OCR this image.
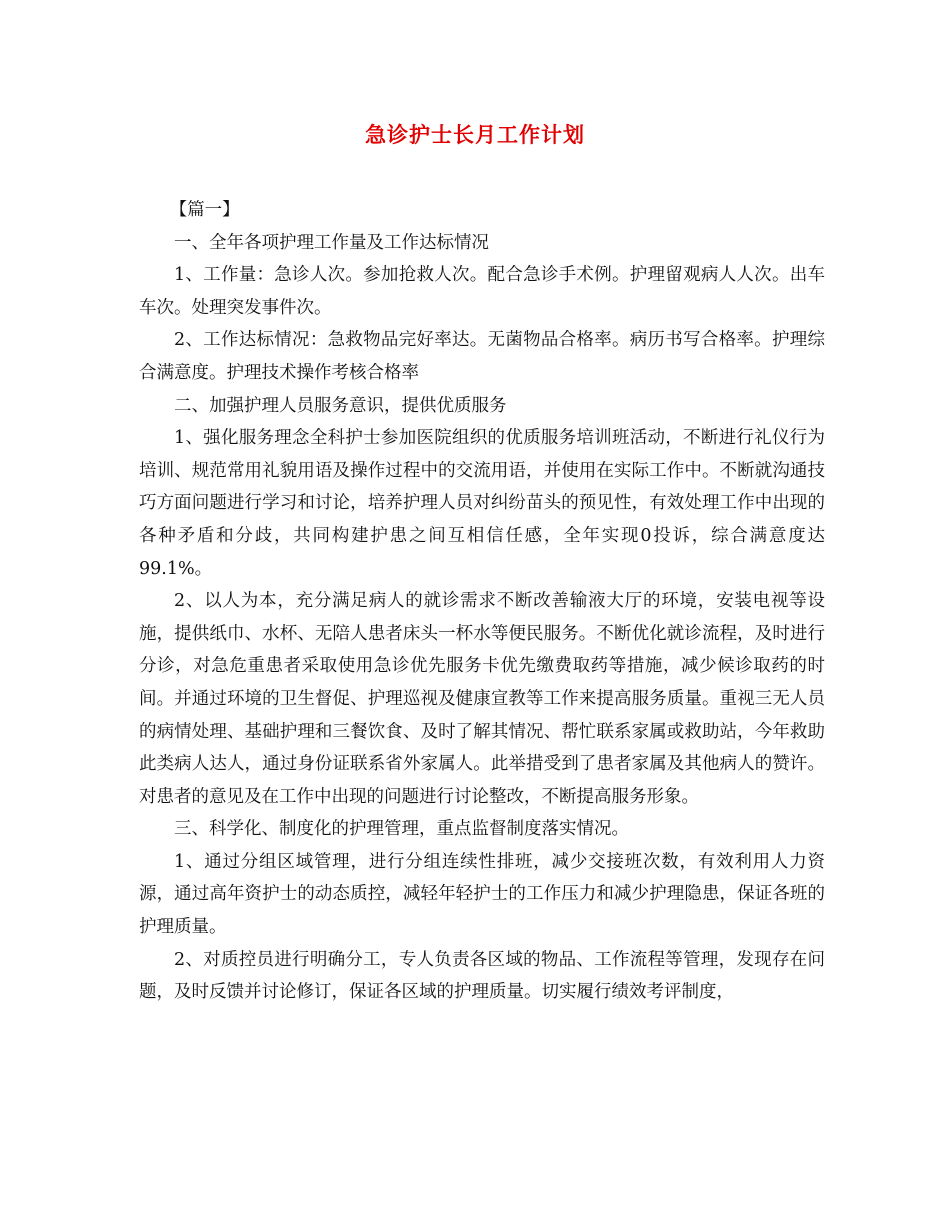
急诊护士长月工作计划

【篇一】

一、全年各项护理工作量及工作达标情况

1、工作量：急诊人次。参加抢救人次。配合急诊手术例。护理留观病人人次。出车车次。处理突发事件次。

2、工作达标情况：急救物品完好率达。无菌物品合格率。病历书写合格率。护理综合满意度。护理技术操作考核合格率

二、加强护理人员服务意识，提供优质服务

1、强化服务理念全科护士参加医院组织的优质服务培训班活动，不断进行礼仪行为培训、规范常用礼貌用语及操作过程中的交流用语，并使用在实际工作中。不断就沟通技巧方面问题进行学习和讨论，培养护理人员对纠纷苗头的预见性，有效处理工作中出现的各种矛盾和分歧，共同构建护患之间互相信任感，全年实现0投诉，综合满意度达99.1%。

2、以人为本，充分满足病人的就诊需求不断改善输液大厅的环境，安装电视等设施，提供纸巾、水杯、无陪人患者床头一杯水等便民服务。不断优化就诊流程，及时进行分诊，对急危重患者采取使用急诊优先服务卡优先缴费取药等措施，减少候诊取药的时间。并通过环境的卫生督促、护理巡视及健康宣教等工作来提高服务质量。重视三无人员的病情处理、基础护理和三餐饮食、及时了解其情况、帮忙联系家属或救助站，今年救助此类病人达人，通过身份证联系省外家属人。此举措受到了患者家属及其他病人的赞许。对患者的意见及在工作中出现的问题进行讨论整改，不断提高服务形象。

三、科学化、制度化的护理管理，重点监督制度落实情况。

1、通过分组区域管理，进行分组连续性排班，减少交接班次数，有效利用人力资源，通过高年资护士的动态质控，减轻年轻护士的工作压力和减少护理隐患，保证各班的护理质量。

2、对质控员进行明确分工，专人负责各区域的物品、工作流程等管理，发现存在问题，及时反馈并讨论修订，保证各区域的护理质量。切实履行绩效考评制度，
